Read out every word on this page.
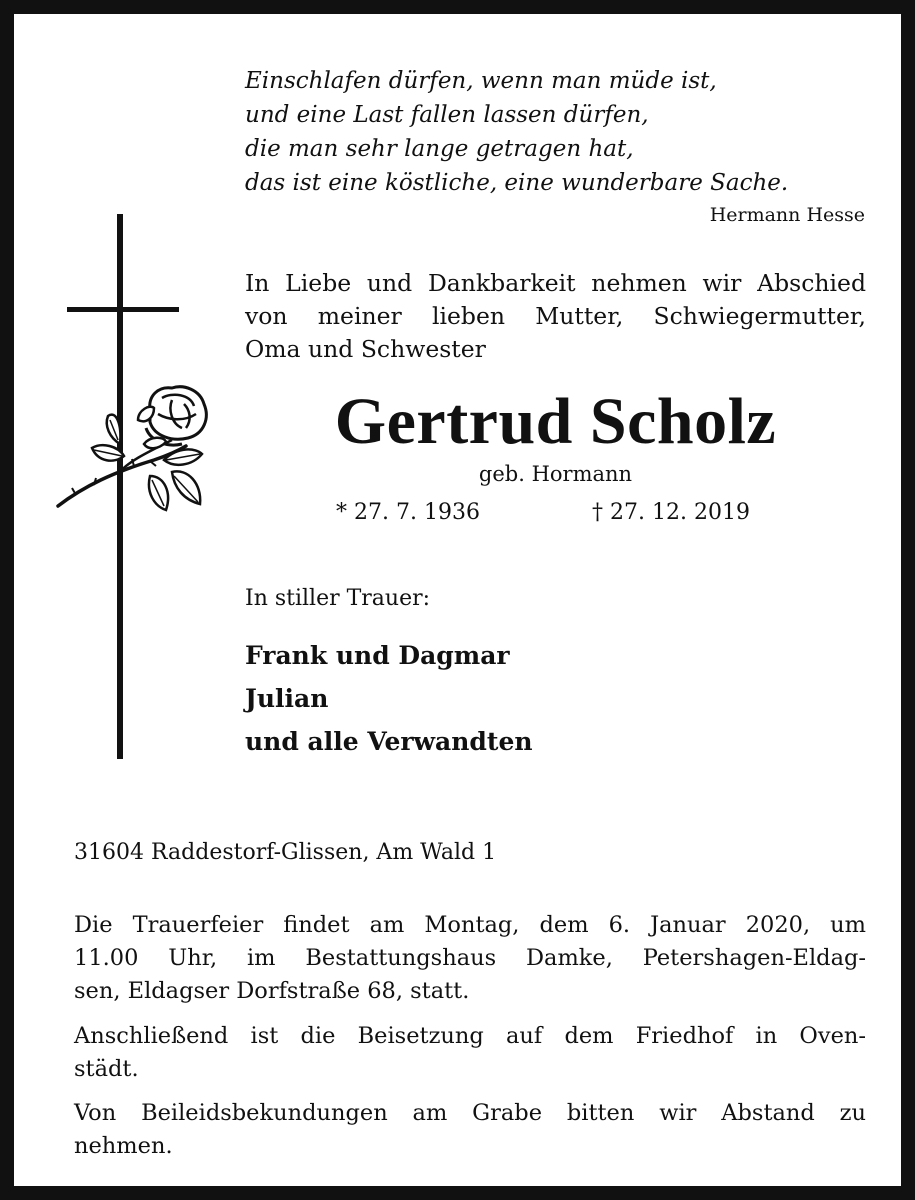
Einschlafen dürfen, wenn man müde ist,
und eine Last fallen lassen dürfen,
die man sehr lange getragen hat,
das ist eine köstliche, eine wunderbare Sache.
Hermann Hesse
In Liebe und Dankbarkeit nehmen wir Abschied
von meiner lieben Mutter, Schwiegermutter,
Oma und Schwester
Gertrud Scholz
geb. Hormann
* 27. 7. 1936	† 27. 12. 2019
In stiller Trauer:
Frank und Dagmar
Julian
und alle Verwandten
31604 Raddestorf-Glissen, Am Wald 1
Die Trauerfeier findet am Montag, dem 6. Januar 2020, um
11.00 Uhr, im Bestattungshaus Damke, Petershagen-Eldag-
sen, Eldagser Dorfstraße 68, statt.
Anschließend ist die Beisetzung auf dem Friedhof in Oven-
städt.
Von Beileidsbekundungen am Grabe bitten wir Abstand zu
nehmen.
